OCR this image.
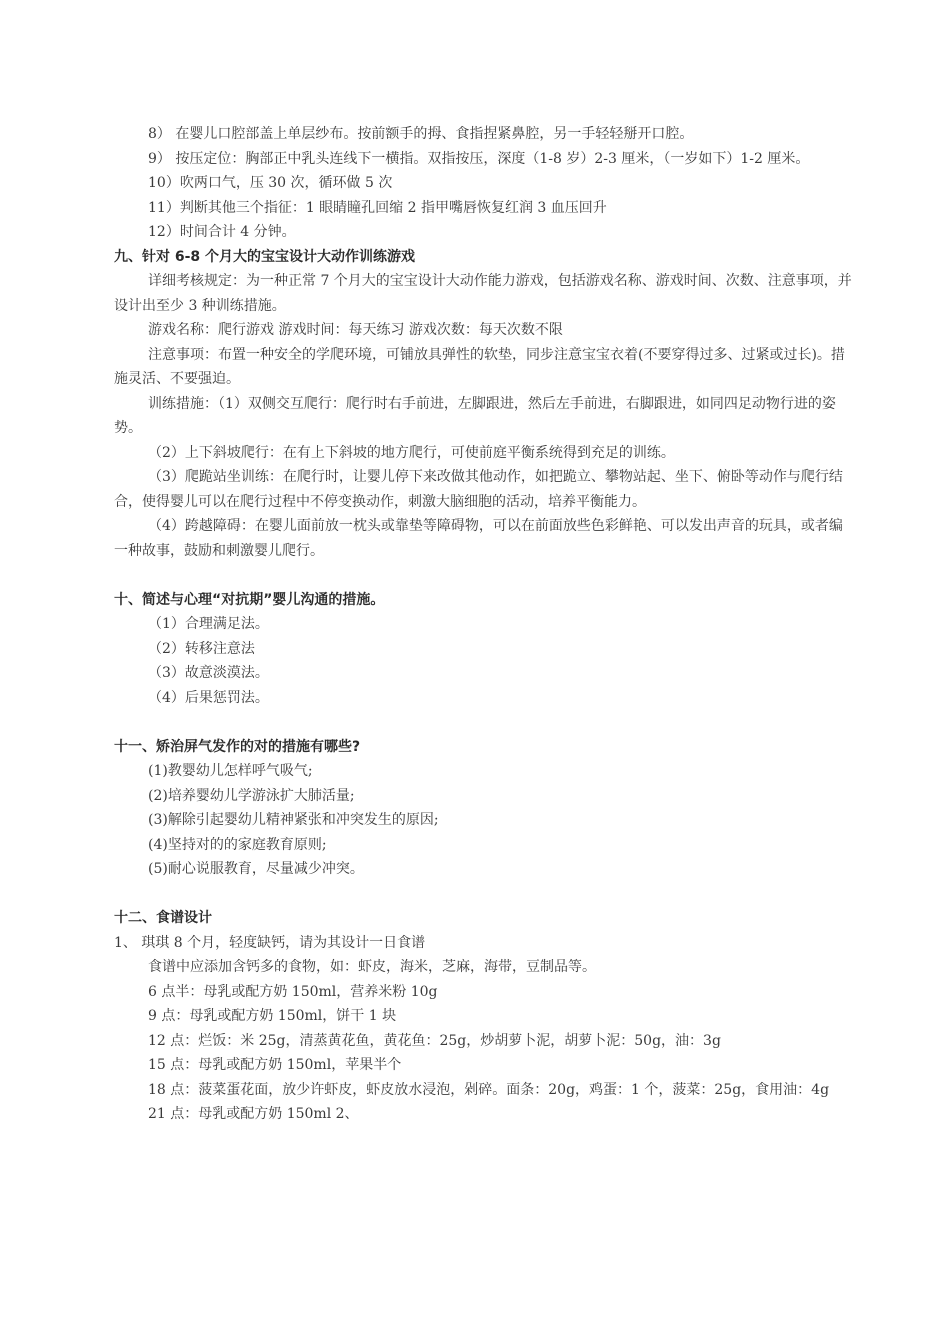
8） 在婴儿口腔部盖上单层纱布。按前额手的拇、食指捏紧鼻腔，另一手轻轻掰开口腔。

9） 按压定位：胸部正中乳头连线下一横指。双指按压，深度（1-8 岁）2-3 厘米，（一岁如下）1-2 厘米。

10）吹两口气，压 30 次，循环做 5 次

11）判断其他三个指征：1 眼睛瞳孔回缩 2 指甲嘴唇恢复红润 3 血压回升

12）时间合计 4 分钟。

九、针对 6-8 个月大的宝宝设计大动作训练游戏

详细考核规定：为一种正常 7 个月大的宝宝设计大动作能力游戏，包括游戏名称、游戏时间、次数、注意事项，并设计出至少 3 种训练措施。

游戏名称：爬行游戏 游戏时间：每天练习 游戏次数：每天次数不限

注意事项：布置一种安全的学爬环境，可铺放具弹性的软垫，同步注意宝宝衣着(不要穿得过多、过紧或过长)。措施灵活、不要强迫。

训练措施：（1）双侧交互爬行：爬行时右手前进，左脚跟进，然后左手前进，右脚跟进，如同四足动物行进的姿势。

（2）上下斜坡爬行：在有上下斜坡的地方爬行，可使前庭平衡系统得到充足的训练。

（3）爬跪站坐训练：在爬行时，让婴儿停下来改做其他动作，如把跪立、攀物站起、坐下、俯卧等动作与爬行结合，使得婴儿可以在爬行过程中不停变换动作，刺激大脑细胞的活动，培养平衡能力。

（4）跨越障碍：在婴儿面前放一枕头或靠垫等障碍物，可以在前面放些色彩鲜艳、可以发出声音的玩具，或者编一种故事，鼓励和刺激婴儿爬行。

十、简述与心理“对抗期”婴儿沟通的措施。

（1）合理满足法。

（2）转移注意法

（3）故意淡漠法。

（4）后果惩罚法。

十一、矫治屏气发作的对的措施有哪些?

(1)教婴幼儿怎样呼气吸气;

(2)培养婴幼儿学游泳扩大肺活量;

(3)解除引起婴幼儿精神紧张和冲突发生的原因;

(4)坚持对的的家庭教育原则;

(5)耐心说服教育，尽量减少冲突。

十二、食谱设计

1、 琪琪 8 个月，轻度缺钙，请为其设计一日食谱

食谱中应添加含钙多的食物，如：虾皮，海米，芝麻，海带，豆制品等。

6 点半：母乳或配方奶 150ml，营养米粉 10g

9 点：母乳或配方奶 150ml，饼干 1 块

12 点：烂饭：米 25g，清蒸黄花鱼，黄花鱼：25g，炒胡萝卜泥，胡萝卜泥：50g，油：3g

15 点：母乳或配方奶 150ml，苹果半个

18 点：菠菜蛋花面，放少许虾皮，虾皮放水浸泡，剁碎。面条：20g，鸡蛋：1 个，菠菜：25g，食用油：4g

21 点：母乳或配方奶 150ml 2、
